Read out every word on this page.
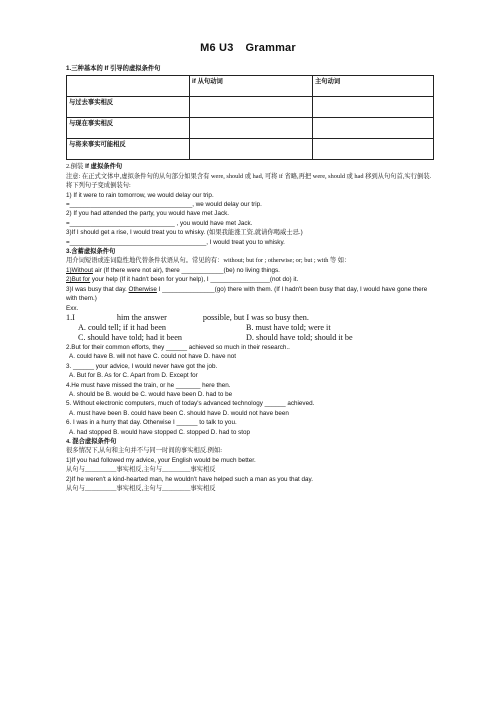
M6 U3 Grammar
1.三种基本的 If 引导的虚拟条件句
	if 从句动词	主句动词
与过去事实相反		
与现在事实相反		
与将来事实可能相反		
2.倒装 If 虚拟条件句
注意: 在正式文体中,虚拟条件句的从句部分如果含有 were, should 或 had, 可将 if 省略,再把 were, should 或 had 移到从句句首,实行倒装.
将下列句子变成倒装句:
1) If it were to rain tomorrow, we would delay our trip.
=___________________________________, we would delay our trip.
2) If you had attended the party, you would have met Jack.
=______________________________ , you would have met Jack.
3)If I should get a rise, I would treat you to whisky. (如果我能涨工资,就请你喝威士忌.)
=_______________________________________, I would treat you to whisky.
3.含蓄虚拟条件句
用介词短语或连词隐性地代替条件状语从句。常见的有：without; but for ; otherwise; or; but ; with 等 如：
1)Without air (If there were not air), there ____________(be) no living things.
2)But for your help (If it hadn't been for your help), I _________________(not do) it.
3)I was busy that day. Otherwise I _______________(go) there with them. (If I hadn't been busy that day, I would have gone there with them.)
Exx.
1.I	him the answer	possible, but I was so busy then.
A. could tell; if it had been	B. must have told; were it
C. should have told; had it been	D. should have told; should it be
2.But for their common efforts, they ______ achieved so much in their research..
A. could have B. will not have C. could not have D. have not
3. ______ your advice, I would never have got the job.
A. But for B. As for C. Apart from D. Except for
4.He must have missed the train, or he _______ here then.
A. should be B. would be C. would have been D. had to be
5. Without electronic computers, much of today's advanced technology ______ achieved.
A. must have been B. could have been C. should have D. would not have been
6. I was in a hurry that day. Otherwise I ______ to talk to you.
A. had stopped B. would have stopped C. stopped D. had to stop
4. 混合虚拟条件句
很多情况下,从句和主句并不与同一时间的事实相反.例如:
1)If you had followed my advice, your English would be much better.
从句与__________事实相反,主句与_________事实相反
2)If he weren't a kind-hearted man, he wouldn't have helped such a man as you that day.
从句与__________事实相反,主句与_________事实相反
